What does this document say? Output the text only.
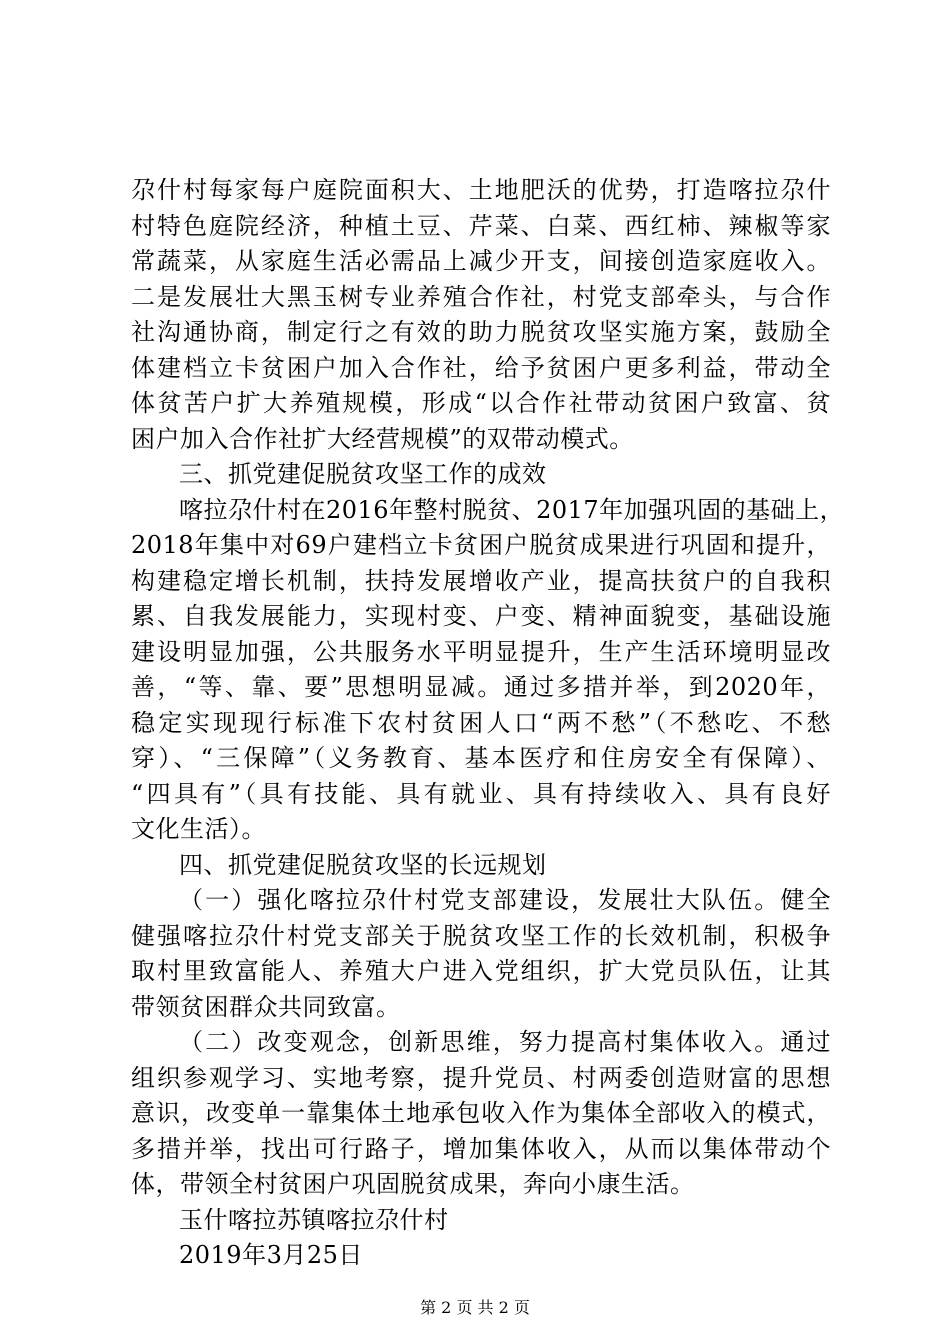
尕什村每家每户庭院面积大、土地肥沃的优势，打造喀拉尕什
村特色庭院经济，种植土豆、芹菜、白菜、西红柿、辣椒等家
常蔬菜，从家庭生活必需品上减少开支，间接创造家庭收入。
二是发展壮大黑玉树专业养殖合作社，村党支部牵头，与合作
社沟通协商，制定行之有效的助力脱贫攻坚实施方案，鼓励全
体建档立卡贫困户加入合作社，给予贫困户更多利益，带动全
体贫苦户扩大养殖规模，形成“以合作社带动贫困户致富、贫
困户加入合作社扩大经营规模”的双带动模式。
三、抓党建促脱贫攻坚工作的成效
喀拉尕什村在2016年整村脱贫、2017年加强巩固的基础上，
2018年集中对69户建档立卡贫困户脱贫成果进行巩固和提升，
构建稳定增长机制，扶持发展增收产业，提高扶贫户的自我积
累、自我发展能力，实现村变、户变、精神面貌变，基础设施
建设明显加强，公共服务水平明显提升，生产生活环境明显改
善，“等、靠、要”思想明显减。通过多措并举，到2020年，
稳定实现现行标准下农村贫困人口“两不愁”（不愁吃、不愁
穿）、“三保障”（义务教育、基本医疗和住房安全有保障）、
“四具有”（具有技能、具有就业、具有持续收入、具有良好
文化生活）。
四、抓党建促脱贫攻坚的长远规划
（一）强化喀拉尕什村党支部建设，发展壮大队伍。健全
健强喀拉尕什村党支部关于脱贫攻坚工作的长效机制，积极争
取村里致富能人、养殖大户进入党组织，扩大党员队伍，让其
带领贫困群众共同致富。
（二）改变观念，创新思维，努力提高村集体收入。通过
组织参观学习、实地考察，提升党员、村两委创造财富的思想
意识，改变单一靠集体土地承包收入作为集体全部收入的模式，
多措并举，找出可行路子，增加集体收入，从而以集体带动个
体，带领全村贫困户巩固脱贫成果，奔向小康生活。
玉什喀拉苏镇喀拉尕什村
2019年3月25日
第 2 页 共 2 页
